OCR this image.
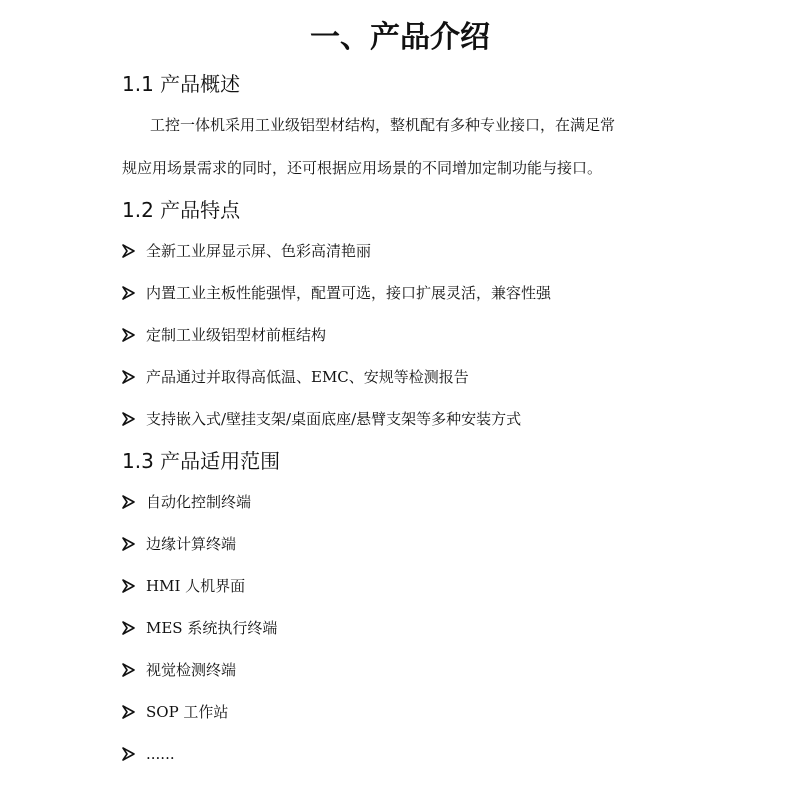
一、产品介绍
1.1 产品概述
工控一体机采用工业级铝型材结构，整机配有多种专业接口，在满足常
规应用场景需求的同时，还可根据应用场景的不同增加定制功能与接口。
1.2 产品特点
全新工业屏显示屏、色彩高清艳丽
内置工业主板性能强悍，配置可选，接口扩展灵活，兼容性强
定制工业级铝型材前框结构
产品通过并取得高低温、EMC、安规等检测报告
支持嵌入式/壁挂支架/桌面底座/悬臂支架等多种安装方式
1.3 产品适用范围
自动化控制终端
边缘计算终端
HMI 人机界面
MES 系统执行终端
视觉检测终端
SOP 工作站
......
